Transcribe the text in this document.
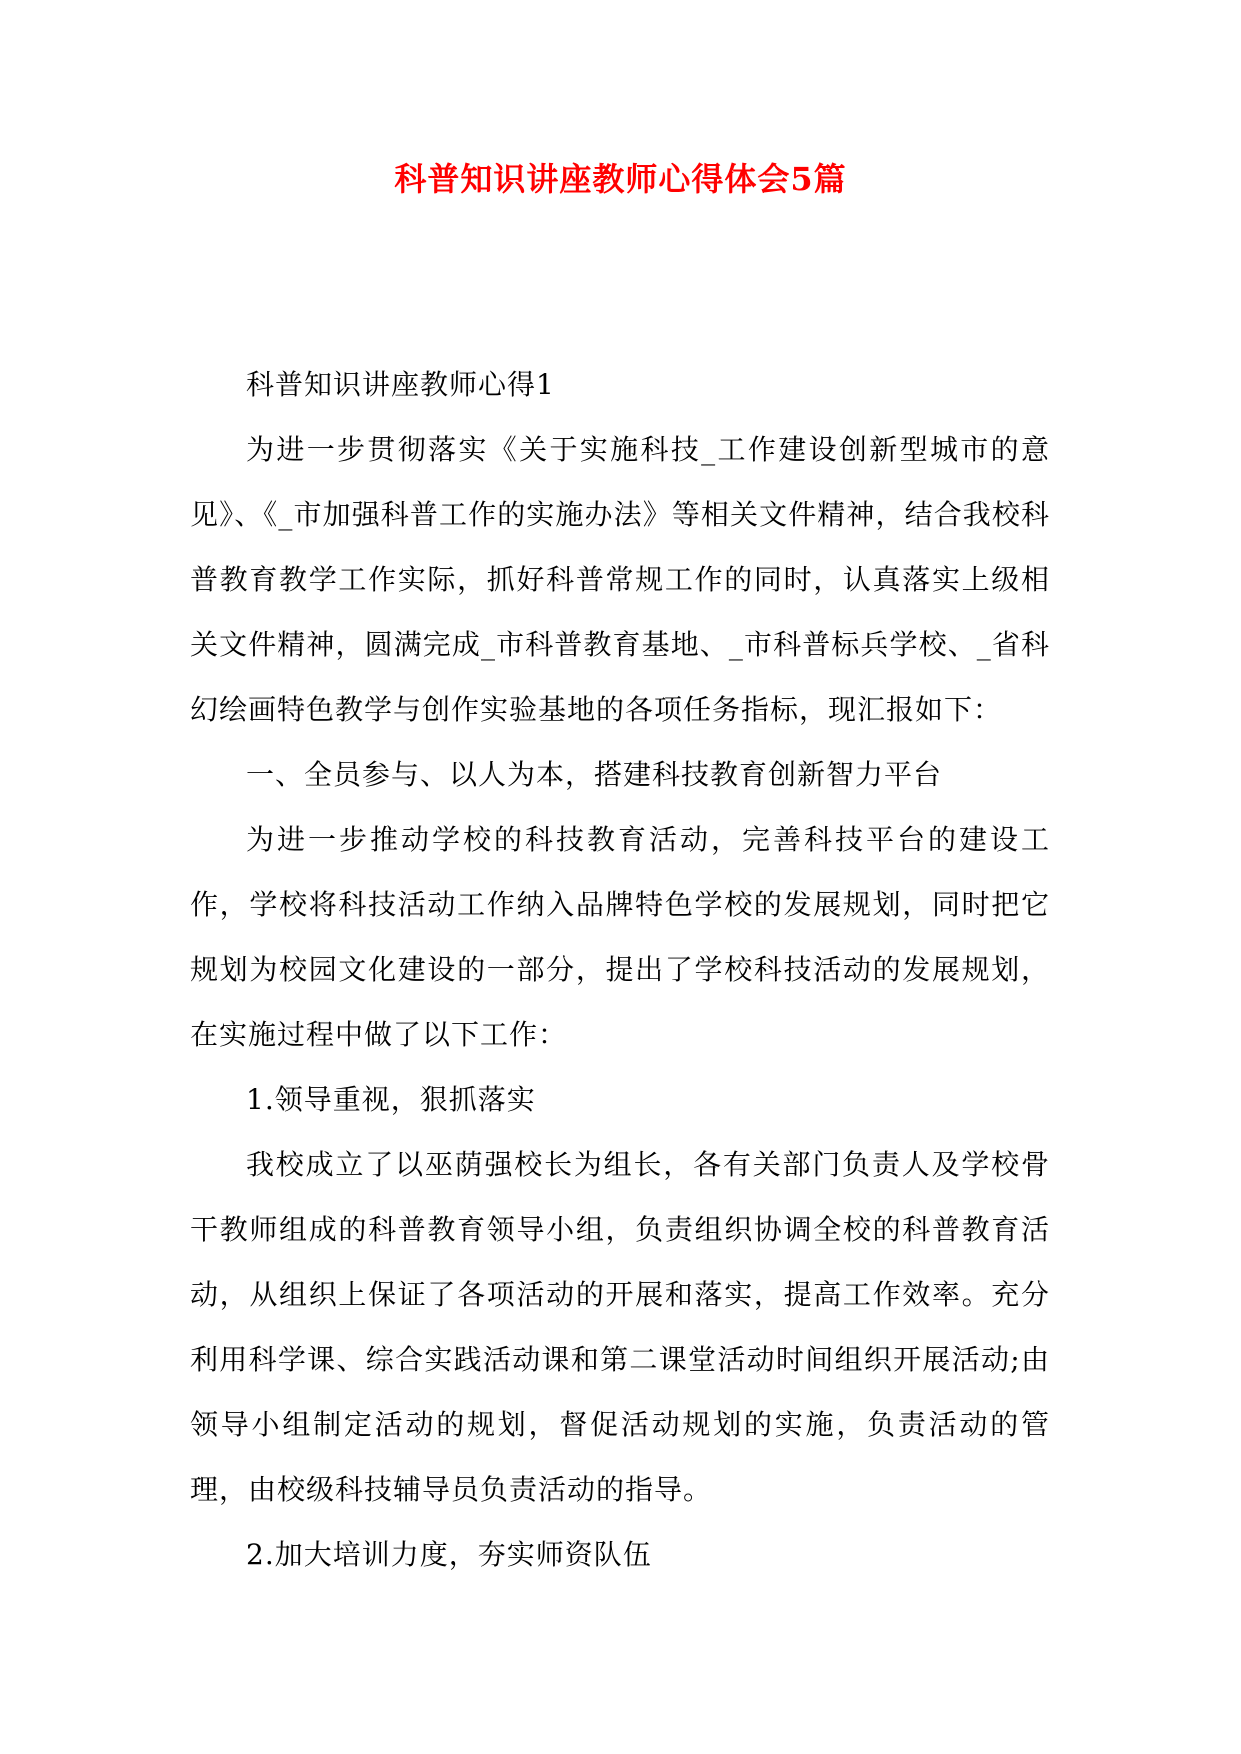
科普知识讲座教师心得体会5篇

科普知识讲座教师心得1

为进一步贯彻落实《关于实施科技_工作建设创新型城市的意见》、《_市加强科普工作的实施办法》等相关文件精神，结合我校科普教育教学工作实际，抓好科普常规工作的同时，认真落实上级相关文件精神，圆满完成_市科普教育基地、_市科普标兵学校、_省科幻绘画特色教学与创作实验基地的各项任务指标，现汇报如下：

一、全员参与、以人为本，搭建科技教育创新智力平台

为进一步推动学校的科技教育活动，完善科技平台的建设工作，学校将科技活动工作纳入品牌特色学校的发展规划，同时把它规划为校园文化建设的一部分，提出了学校科技活动的发展规划，在实施过程中做了以下工作：

1.领导重视，狠抓落实

我校成立了以巫荫强校长为组长，各有关部门负责人及学校骨干教师组成的科普教育领导小组，负责组织协调全校的科普教育活动，从组织上保证了各项活动的开展和落实，提高工作效率。充分利用科学课、综合实践活动课和第二课堂活动时间组织开展活动;由领导小组制定活动的规划，督促活动规划的实施，负责活动的管理，由校级科技辅导员负责活动的指导。

2.加大培训力度，夯实师资队伍
